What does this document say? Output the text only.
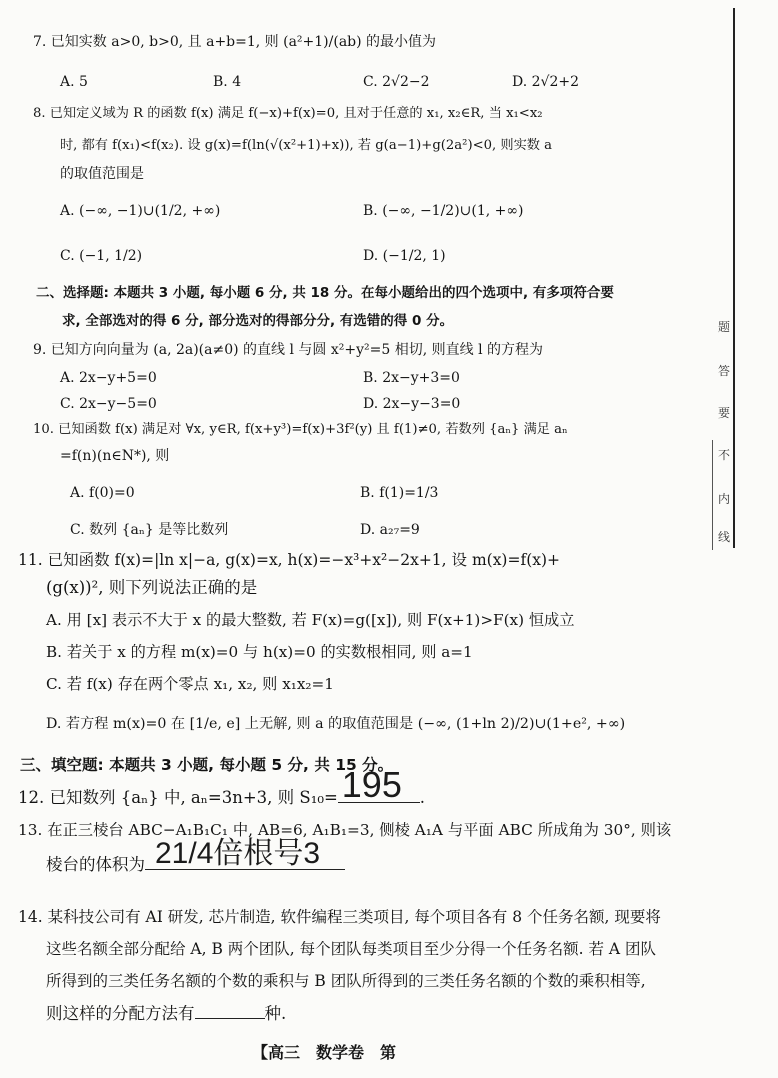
题
答
要
不
内
线
7. 已知实数 a>0, b>0, 且 a+b=1, 则 (a²+1)/(ab) 的最小值为
A. 5	B. 4	C. 2√2−2	D. 2√2+2
8. 已知定义域为 R 的函数 f(x) 满足 f(−x)+f(x)=0, 且对于任意的 x₁, x₂∈R, 当 x₁<x₂
时, 都有 f(x₁)<f(x₂). 设 g(x)=f(ln(√(x²+1)+x)), 若 g(a−1)+g(2a²)<0, 则实数 a
的取值范围是
A. (−∞, −1)∪(1/2, +∞)	B. (−∞, −1/2)∪(1, +∞)
C. (−1, 1/2)	D. (−1/2, 1)
二、选择题: 本题共 3 小题, 每小题 6 分, 共 18 分。在每小题给出的四个选项中, 有多项符合要
求, 全部选对的得 6 分, 部分选对的得部分分, 有选错的得 0 分。
9. 已知方向向量为 (a, 2a)(a≠0) 的直线 l 与圆 x²+y²=5 相切, 则直线 l 的方程为
A. 2x−y+5=0	B. 2x−y+3=0
C. 2x−y−5=0	D. 2x−y−3=0
10. 已知函数 f(x) 满足对 ∀x, y∈R, f(x+y³)=f(x)+3f²(y) 且 f(1)≠0, 若数列 {aₙ} 满足 aₙ
=f(n)(n∈N*), 则
A. f(0)=0	B. f(1)=1/3
C. 数列 {aₙ} 是等比数列	D. a₂₇=9
11. 已知函数 f(x)=|ln x|−a, g(x)=x, h(x)=−x³+x²−2x+1, 设 m(x)=f(x)+
(g(x))², 则下列说法正确的是
A. 用 [x] 表示不大于 x 的最大整数, 若 F(x)=g([x]), 则 F(x+1)>F(x) 恒成立
B. 若关于 x 的方程 m(x)=0 与 h(x)=0 的实数根相同, 则 a=1
C. 若 f(x) 存在两个零点 x₁, x₂, 则 x₁x₂=1
D. 若方程 m(x)=0 在 [1/e, e] 上无解, 则 a 的取值范围是 (−∞, (1+ln 2)/2)∪(1+e², +∞)
三、填空题: 本题共 3 小题, 每小题 5 分, 共 15 分。
12. 已知数列 {aₙ} 中, aₙ=3n+3, 则 S₁₀= 195 .
13. 在正三棱台 ABC−A₁B₁C₁ 中, AB=6, A₁B₁=3, 侧棱 A₁A 与平面 ABC 所成角为 30°, 则该
棱台的体积为 21/4倍根号3
14. 某科技公司有 AI 研发, 芯片制造, 软件编程三类项目, 每个项目各有 8 个任务名额, 现要将
这些名额全部分配给 A, B 两个团队, 每个团队每类项目至少分得一个任务名额. 若 A 团队
所得到的三类任务名额的个数的乘积与 B 团队所得到的三类任务名额的个数的乘积相等,
则这样的分配方法有	种.
【高三　数学卷　第
